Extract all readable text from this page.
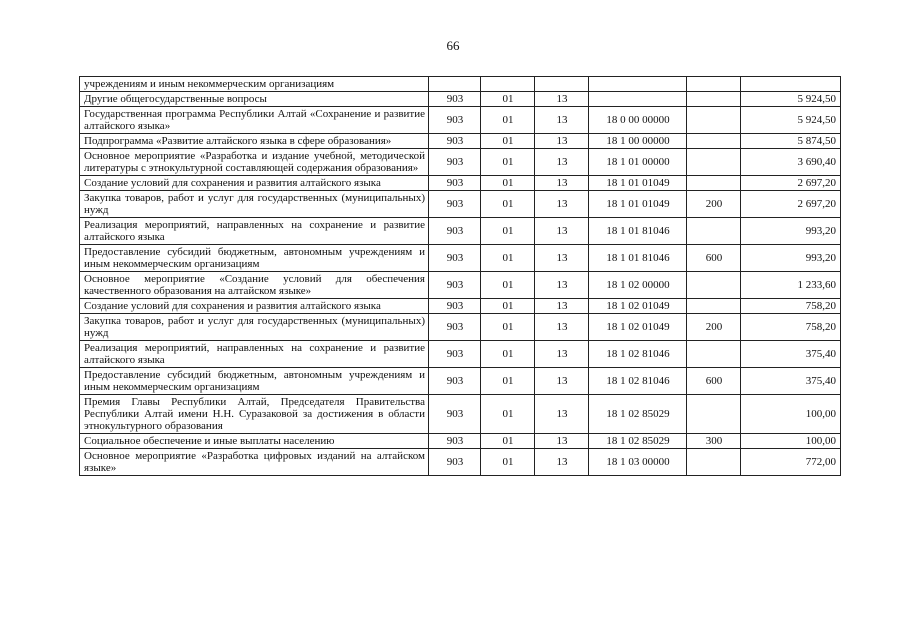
66
учреждениям и иным некоммерческим организациям						
Другие общегосударственные вопросы	903	01	13			5 924,50
Государственная программа Республики Алтай «Сохранение и развитие алтайского языка»	903	01	13	18 0 00 00000		5 924,50
Подпрограмма «Развитие алтайского языка в сфере образования»	903	01	13	18 1 00 00000		5 874,50
Основное мероприятие «Разработка и издание учебной, методической литературы с этнокультурной составляющей содержания образования»	903	01	13	18 1 01 00000		3 690,40
Создание условий для сохранения и развития алтайского языка	903	01	13	18 1 01 01049		2 697,20
Закупка товаров, работ и услуг для государственных (муниципальных) нужд	903	01	13	18 1 01 01049	200	2 697,20
Реализация мероприятий, направленных на сохранение и развитие алтайского языка	903	01	13	18 1 01 81046		993,20
Предоставление субсидий бюджетным, автономным учреждениям и иным некоммерческим организациям	903	01	13	18 1 01 81046	600	993,20
Основное мероприятие «Создание условий для обеспечения качественного образования на алтайском языке»	903	01	13	18 1 02 00000		1 233,60
Создание условий для сохранения и развития алтайского языка	903	01	13	18 1 02 01049		758,20
Закупка товаров, работ и услуг для государственных (муниципальных) нужд	903	01	13	18 1 02 01049	200	758,20
Реализация мероприятий, направленных на сохранение и развитие алтайского языка	903	01	13	18 1 02 81046		375,40
Предоставление субсидий бюджетным, автономным учреждениям и иным некоммерческим организациям	903	01	13	18 1 02 81046	600	375,40
Премия Главы Республики Алтай, Председателя Правительства Республики Алтай имени Н.Н. Суразаковой за достижения в области этнокультурного образования	903	01	13	18 1 02 85029		100,00
Социальное обеспечение и иные выплаты населению	903	01	13	18 1 02 85029	300	100,00
Основное мероприятие «Разработка цифровых изданий на алтайском языке»	903	01	13	18 1 03 00000		772,00
